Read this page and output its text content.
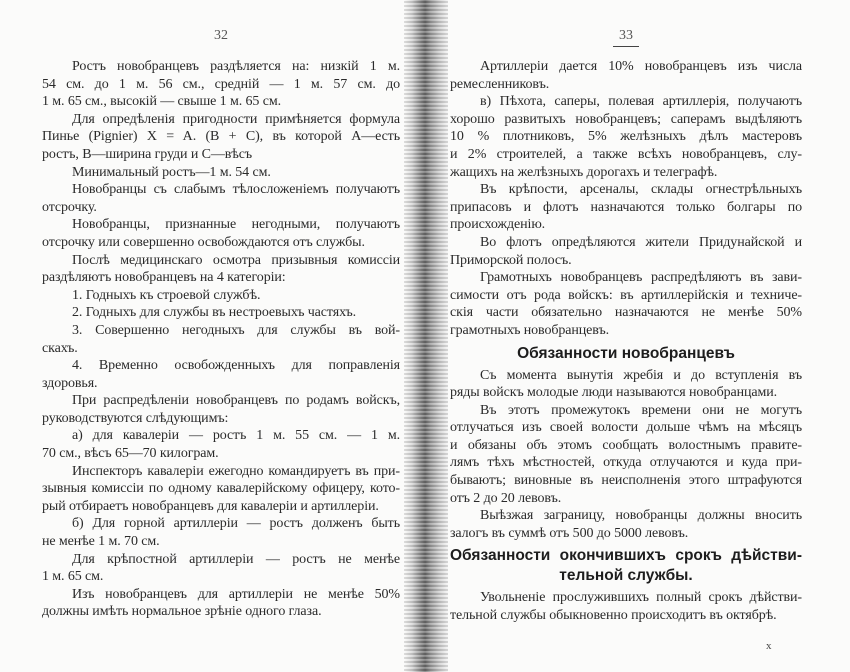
32
Ростъ новобранцевъ раздѣляется на: низкій 1 м.
54 см. до 1 м. 56 см., средній — 1 м. 57 см. до
1 м. 65 см., высокій — свыше 1 м. 65 см.
Для опредѣленія пригодности примѣняется формула
Пинье (Pignier) X = A. (B + C), въ которой A—есть
ростъ, B—ширина груди и C—вѣсъ
Минимальный ростъ—1 м. 54 см.
Новобранцы съ слабымъ тѣлосложеніемъ получаютъ
отсрочку.
Новобранцы, признанные негодными, получаютъ
отсрочку или совершенно освобождаются отъ службы.
Послѣ медицинскаго осмотра призывныя комиссіи
раздѣляютъ новобранцевъ на 4 категоріи:
1. Годныхъ къ строевой службѣ.
2. Годныхъ для службы въ нестроевыхъ частяхъ.
3. Совершенно негодныхъ для службы въ вой-
скахъ.
4. Временно освобожденныхъ для поправленія
здоровья.
При распредѣленіи новобранцевъ по родамъ войскъ,
руководствуются слѣдующимъ:
а) для кавалеріи — ростъ 1 м. 55 см. — 1 м.
70 см., вѣсъ 65—70 килограм.
Инспекторъ кавалеріи ежегодно командируетъ въ при-
зывныя комиссіи по одному кавалерійскому офицеру, кото-
рый отбираетъ новобранцевъ для кавалеріи и артиллеріи.
б) Для горной артиллеріи — ростъ долженъ быть
не менѣе 1 м. 70 см.
Для крѣпостной артиллеріи — ростъ не менѣе
1 м. 65 см.
Изъ новобранцевъ для артиллеріи не менѣе 50%
должны имѣть нормальное зрѣніе одного глаза.
33
Артиллеріи дается 10% новобранцевъ изъ числа
ремесленниковъ.
в) Пѣхота, саперы, полевая артиллерія, получаютъ
хорошо развитыхъ новобранцевъ; саперамъ выдѣляютъ
10 % плотниковъ, 5% желѣзныхъ дѣлъ мастеровъ
и 2% строителей, а также всѣхъ новобранцевъ, слу-
жащихъ на желѣзныхъ дорогахъ и телеграфѣ.
Въ крѣпости, арсеналы, склады огнестрѣльныхъ
припасовъ и флотъ назначаются только болгары по
происхожденію.
Во флотъ опредѣляются жители Придунайской и
Приморской полосъ.
Грамотныхъ новобранцевъ распредѣляютъ въ зави-
симости отъ рода войскъ: въ артиллерійскія и техниче-
скія части обязательно назначаются не менѣе 50%
грамотныхъ новобранцевъ.
Обязанности новобранцевъ
Съ момента вынутія жребія и до вступленія въ
ряды войскъ молодые люди называются новобранцами.
Въ этотъ промежутокъ времени они не могутъ
отлучаться изъ своей волости дольше чѣмъ на мѣсяцъ
и обязаны объ этомъ сообщать волостнымъ правите-
лямъ тѣхъ мѣстностей, откуда отлучаются и куда при-
бываютъ; виновные въ неисполненія этого штрафуются
отъ 2 до 20 левовъ.
Выѣзжая заграницу, новобранцы должны вносить
залогъ въ суммѣ отъ 500 до 5000 левовъ.
Обязанности окончившихъ срокъ дѣйстви-
тельной службы.
Увольненіе прослужившихъ полный срокъ дѣйстви-
тельной службы обыкновенно происходитъ въ октябрѣ.
х
